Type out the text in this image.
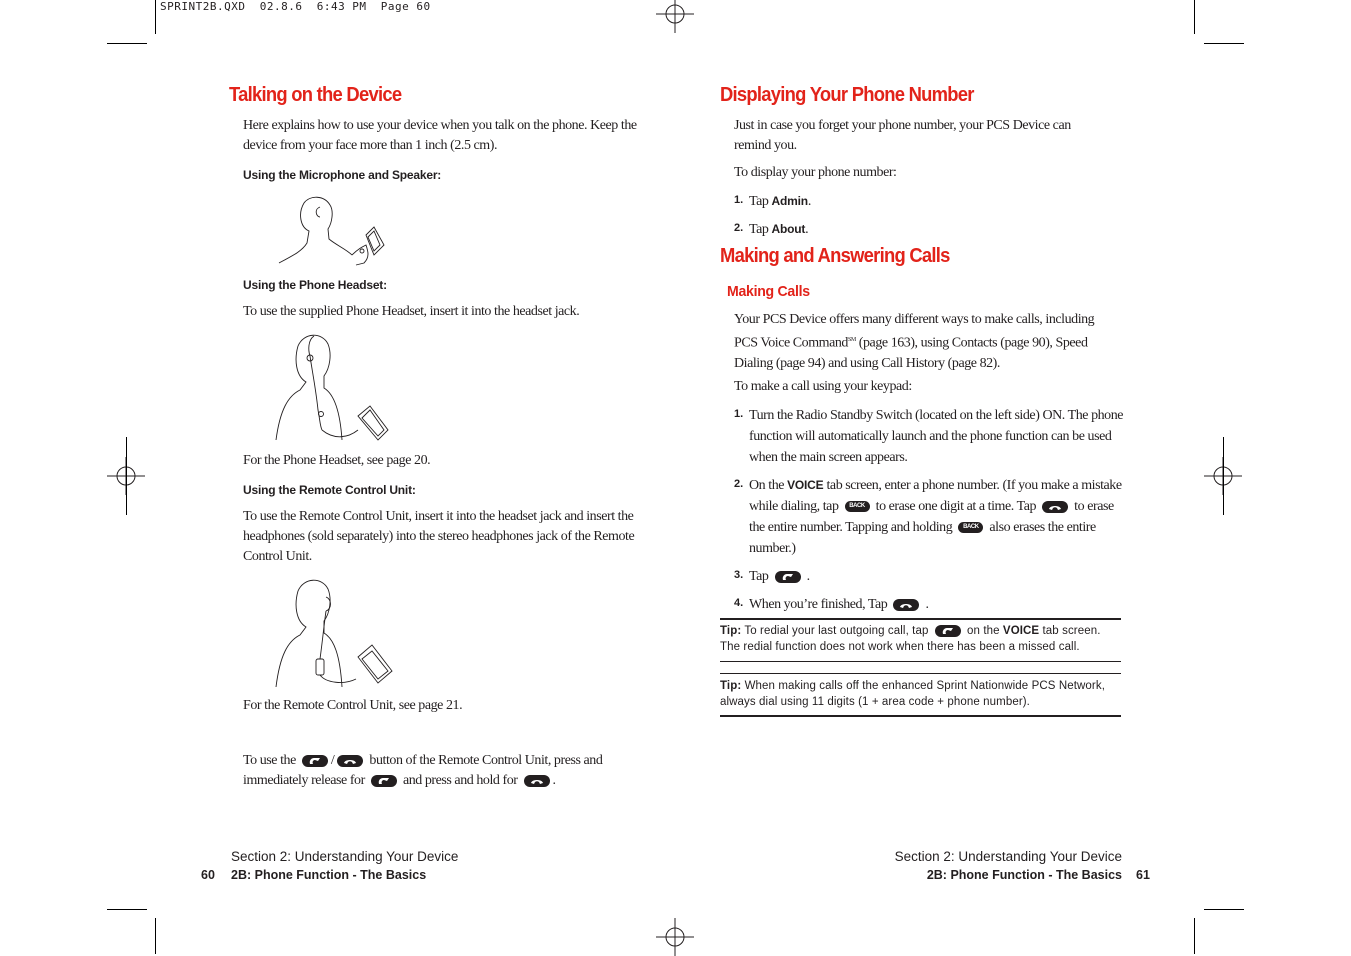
SPRINT2B.QXD  02.8.6  6:43 PM  Page 60
Talking on the Device
Here explains how to use your device when you talk on the phone. Keep the device from your face more than 1 inch (2.5 cm).
Using the Microphone and Speaker:
Using the Phone Headset:
To use the supplied Phone Headset, insert it into the headset jack.
For the Phone Headset, see page 20.
Using the Remote Control Unit:
To use the Remote Control Unit, insert it into the headset jack and insert the headphones (sold separately) into the stereo headphones jack of the Remote Control Unit.
For the Remote Control Unit, see page 21.
To use the	/	button of the Remote Control Unit, press and
immediately release for	and press and hold for	.
Section 2: Understanding Your Device
60 2B: Phone Function - The Basics
Displaying Your Phone Number
Just in case you forget your phone number, your PCS Device can remind you.
To display your phone number:
1. Tap Admin.
2. Tap About.
Making and Answering Calls
Making Calls
Your PCS Device offers many different ways to make calls, including PCS Voice Command℠ (page 163), using Contacts (page 90), Speed Dialing (page 94) and using Call History (page 82).
To make a call using your keypad:
1. Turn the Radio Standby Switch (located on the left side) ON. The phone function will automatically launch and the phone function can be used when the main screen appears.
2. On the VOICE tab screen, enter a phone number. (If you make a mistake while dialing, tap BACK to erase one digit at a time. Tap	to erase the entire number. Tapping and holding BACK also erases the entire number.)
3. Tap	.
4. When you’re finished, Tap	.
Tip: To redial your last outgoing call, tap	on the VOICE tab screen. The redial function does not work when there has been a missed call.
Tip: When making calls off the enhanced Sprint Nationwide PCS Network, always dial using 11 digits (1 + area code + phone number).
Section 2: Understanding Your Device
2B: Phone Function - The Basics 61
